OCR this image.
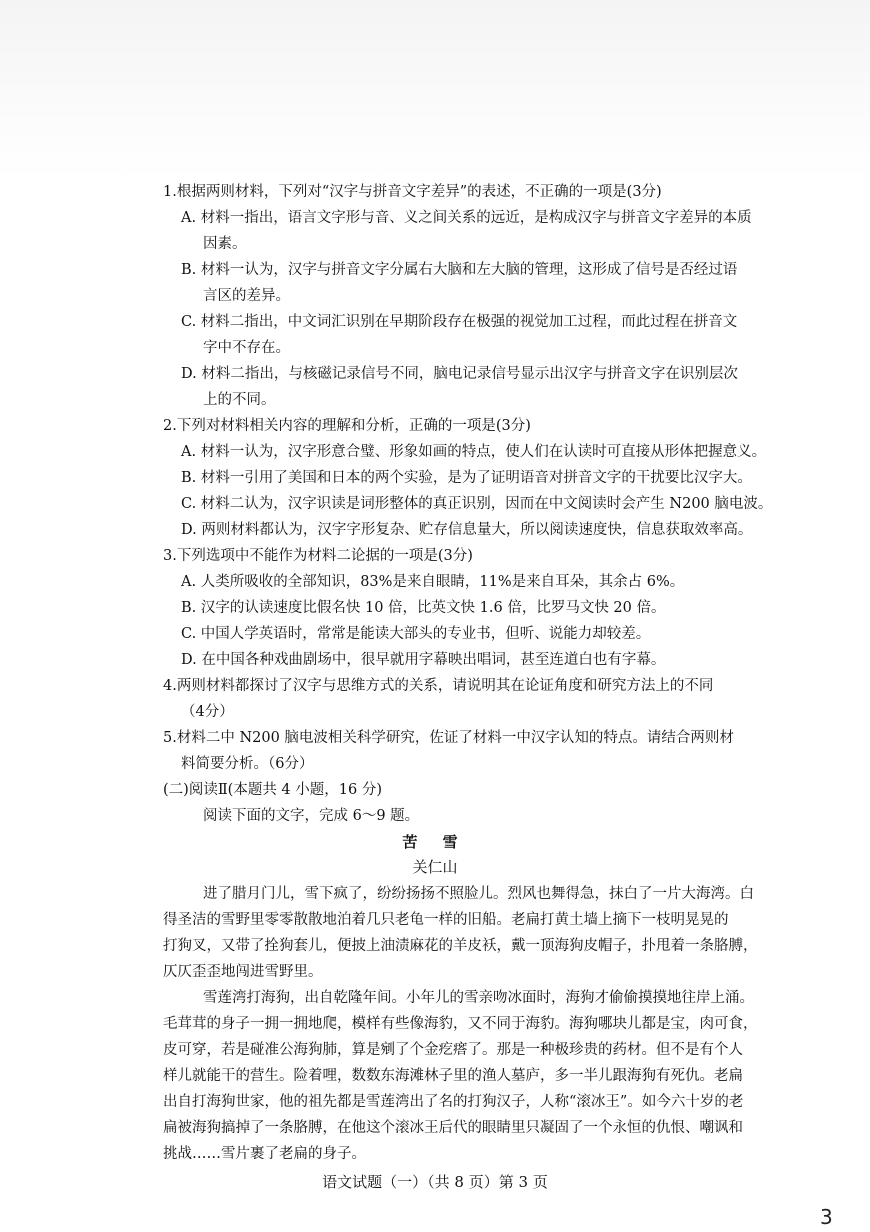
1.根据两则材料，下列对“汉字与拼音文字差异”的表述，不正确的一项是(3分)
A. 材料一指出，语言文字形与音、义之间关系的远近，是构成汉字与拼音文字差异的本质
因素。
B. 材料一认为，汉字与拼音文字分属右大脑和左大脑的管理，这形成了信号是否经过语
言区的差异。
C. 材料二指出，中文词汇识别在早期阶段存在极强的视觉加工过程，而此过程在拼音文
字中不存在。
D. 材料二指出，与核磁记录信号不同，脑电记录信号显示出汉字与拼音文字在识别层次
上的不同。
2.下列对材料相关内容的理解和分析，正确的一项是(3分)
A. 材料一认为，汉字形意合璧、形象如画的特点，使人们在认读时可直接从形体把握意义。
B. 材料一引用了美国和日本的两个实验，是为了证明语音对拼音文字的干扰要比汉字大。
C. 材料二认为，汉字识读是词形整体的真正识别，因而在中文阅读时会产生 N200 脑电波。
D. 两则材料都认为，汉字字形复杂、贮存信息量大，所以阅读速度快，信息获取效率高。
3.下列选项中不能作为材料二论据的一项是(3分)
A. 人类所吸收的全部知识，83%是来自眼睛，11%是来自耳朵，其余占 6%。
B. 汉字的认读速度比假名快 10 倍，比英文快 1.6 倍，比罗马文快 20 倍。
C. 中国人学英语时，常常是能读大部头的专业书，但听、说能力却较差。
D. 在中国各种戏曲剧场中，很早就用字幕映出唱词，甚至连道白也有字幕。
4.两则材料都探讨了汉字与思维方式的关系，请说明其在论证角度和研究方法上的不同
（4分）
5.材料二中 N200 脑电波相关科学研究，佐证了材料一中汉字认知的特点。请结合两则材
料简要分析。（6分）
(二)阅读Ⅱ(本题共 4 小题，16 分)
阅读下面的文字，完成 6～9 题。
苦 雪
关仁山
进了腊月门儿，雪下疯了，纷纷扬扬不照脸儿。烈风也舞得急，抹白了一片大海湾。白
得圣洁的雪野里零零散散地泊着几只老龟一样的旧船。老扁打黄土墙上摘下一枝明晃晃的
打狗叉，又带了拴狗套儿，便披上油渍麻花的羊皮袄，戴一顶海狗皮帽子，扑甩着一条胳膊，
仄仄歪歪地闯进雪野里。
雪莲湾打海狗，出自乾隆年间。小年儿的雪亲吻冰面时，海狗才偷偷摸摸地往岸上涌。
毛茸茸的身子一拥一拥地爬，模样有些像海豹，又不同于海豹。海狗哪块儿都是宝，肉可食，
皮可穿，若是碰准公海狗肺，算是剜了个金疙瘩了。那是一种极珍贵的药材。但不是有个人
样儿就能干的营生。险着哩，数数东海滩林子里的渔人墓庐，多一半儿跟海狗有死仇。老扁
出自打海狗世家，他的祖先都是雪莲湾出了名的打狗汉子，人称“滚冰王”。如今六十岁的老
扁被海狗搞掉了一条胳膊，在他这个滚冰王后代的眼睛里只凝固了一个永恒的仇恨、嘲讽和
挑战……雪片裹了老扁的身子。
语文试题（一）（共 8 页）第 3 页
3
